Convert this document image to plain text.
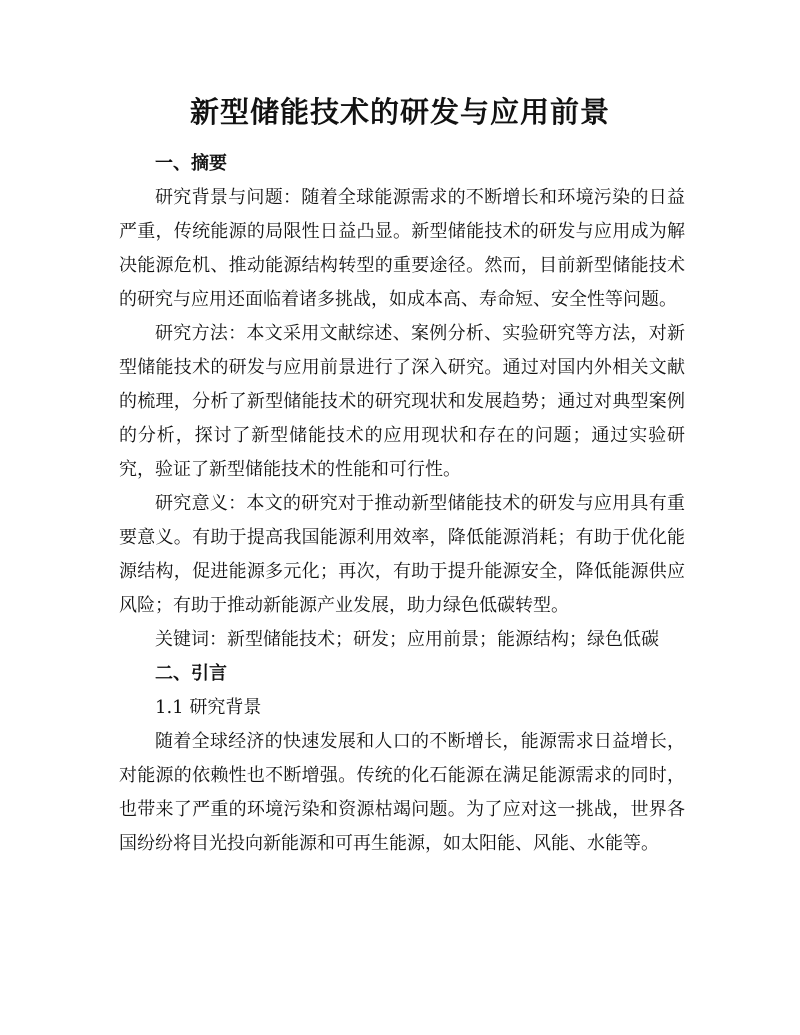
新型储能技术的研发与应用前景

一、摘要

研究背景与问题：随着全球能源需求的不断增长和环境污染的日益严重，传统能源的局限性日益凸显。新型储能技术的研发与应用成为解决能源危机、推动能源结构转型的重要途径。然而，目前新型储能技术的研究与应用还面临着诸多挑战，如成本高、寿命短、安全性等问题。

研究方法：本文采用文献综述、案例分析、实验研究等方法，对新型储能技术的研发与应用前景进行了深入研究。通过对国内外相关文献的梳理，分析了新型储能技术的研究现状和发展趋势；通过对典型案例的分析，探讨了新型储能技术的应用现状和存在的问题；通过实验研究，验证了新型储能技术的性能和可行性。

研究意义：本文的研究对于推动新型储能技术的研发与应用具有重要意义。有助于提高我国能源利用效率，降低能源消耗；有助于优化能源结构，促进能源多元化；再次，有助于提升能源安全，降低能源供应风险；有助于推动新能源产业发展，助力绿色低碳转型。

关键词：新型储能技术；研发；应用前景；能源结构；绿色低碳

二、引言

1.1 研究背景

随着全球经济的快速发展和人口的不断增长，能源需求日益增长，对能源的依赖性也不断增强。传统的化石能源在满足能源需求的同时，也带来了严重的环境污染和资源枯竭问题。为了应对这一挑战，世界各国纷纷将目光投向新能源和可再生能源，如太阳能、风能、水能等。
